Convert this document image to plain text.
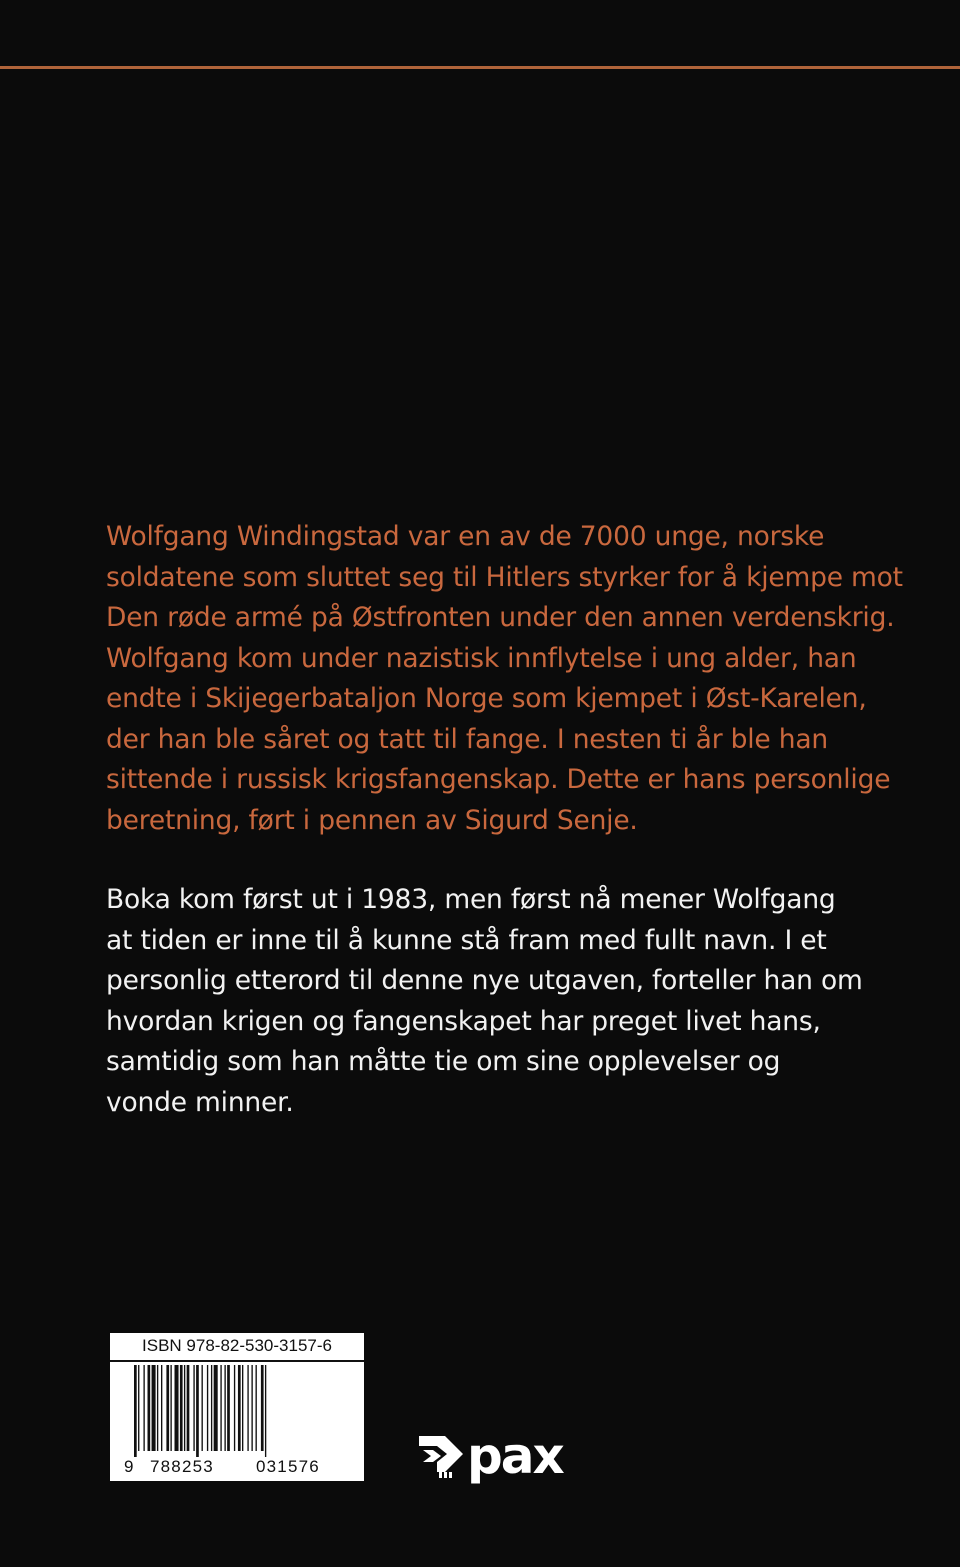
Wolfgang Windingstad var en av de 7000 unge, norske
soldatene som sluttet seg til Hitlers styrker for å kjempe mot
Den røde armé på Østfronten under den annen verdenskrig.
Wolfgang kom under nazistisk innflytelse i ung alder, han
endte i Skijegerbataljon Norge som kjempet i Øst-Karelen,
der han ble såret og tatt til fange. I nesten ti år ble han
sittende i russisk krigsfangenskap. Dette er hans personlige
beretning, ført i pennen av Sigurd Senje.

Boka kom først ut i 1983, men først nå mener Wolfgang
at tiden er inne til å kunne stå fram med fullt navn. I et
personlig etterord til denne nye utgaven, forteller han om
hvordan krigen og fangenskapet har preget livet hans,
samtidig som han måtte tie om sine opplevelser og
vonde minner.

ISBN 978-82-530-3157-6
9 788253 031576	pax
